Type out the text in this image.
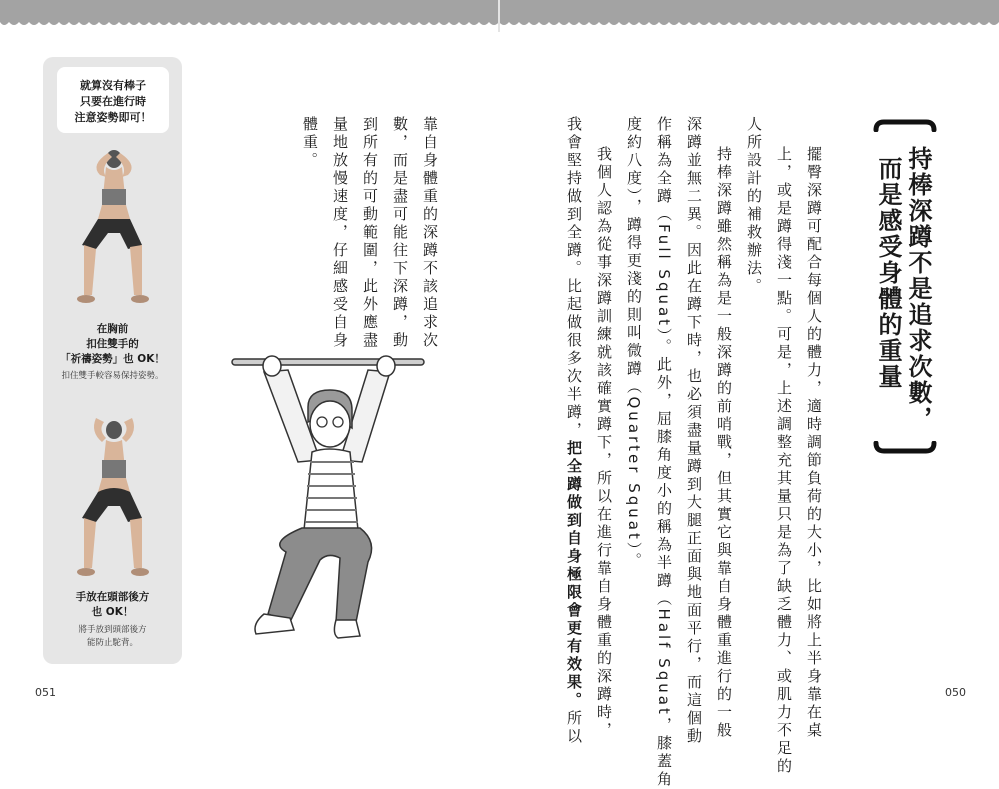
持棒深蹲不是追求次數，
而是感受身體的重量
擺臀深蹲可配合每個人的體力，適時調節負荷的大小，比如將上半身靠在桌
上，或是蹲得淺一點。可是，上述調整充其量只是為了缺乏體力、或肌力不足的
人所設計的補救辦法。
持棒深蹲雖然稱為是一般深蹲的前哨戰，但其實它與靠自身體重進行的一般
深蹲並無二異。因此在蹲下時，也必須盡量蹲到大腿正面與地面平行，而這個動
作稱為全蹲（Full Squat）。此外，屈膝角度小的稱為半蹲（Half Squat，膝蓋角
度約八度），蹲得更淺的則叫微蹲（Quarter Squat）。
我個人認為從事深蹲訓練就該確實蹲下，所以在進行靠自身體重的深蹲時，
我會堅持做到全蹲。比起做很多次半蹲，把全蹲做到自身極限會更有效果。所以
靠自身體重的深蹲不該追求次
數，而是盡可能往下深蹲，動
到所有的可動範圍，此外應盡
量地放慢速度，仔細感受自身
體重。
就算沒有棒子
只要在進行時
注意姿勢即可！
在胸前
扣住雙手的
「祈禱姿勢」也 OK！
扣住雙手較容易保持姿勢。
手放在頭部後方
也 OK！
將手放到頭部後方
能防止駝背。
051	050
